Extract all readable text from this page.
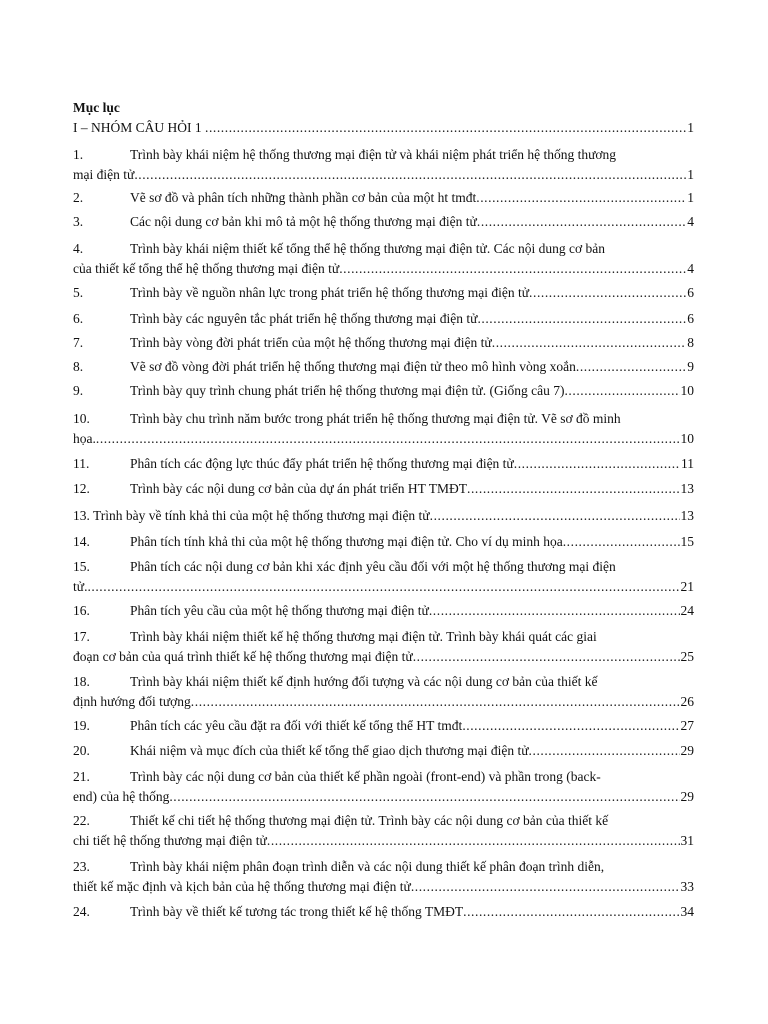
Mục lục
I – NHÓM CÂU HỎI 1	1
. . .
1.	Trình bày khái niệm hệ thống thương mại điện tử và khái niệm phát triển hệ thống thương
mại điện tử	1
. . .
2.	Vẽ sơ đồ và phân tích những thành phần cơ bản của một ht tmđt	1
. . .
3.	Các nội dung cơ bản khi mô tả một hệ thống thương mại điện tử	4
. . .
4.	Trình bày khái niệm thiết kế tổng thể hệ thống thương mại điện tử. Các nội dung cơ bản
của thiết kế tổng thể hệ thống thương mại điện tử	4
. . .
5.	Trình bày về nguồn nhân lực trong phát triển hệ thống thương mại điện tử	6
. . .
6.	Trình bày các nguyên tắc phát triển hệ thống thương mại điện tử	6
. . .
7.	Trình bày vòng đời phát triển của một hệ thống thương mại điện tử	8
. . .
8.	Vẽ sơ đồ vòng đời phát triển hệ thống thương mại điện tử theo mô hình vòng xoắn	9
. . .
9.	Trình bày quy trình chung phát triển hệ thống thương mại điện tử. (Giống câu 7)	10
. . .
10.	Trình bày chu trình năm bước trong phát triển hệ thống thương mại điện tử. Vẽ sơ đồ minh
họa.	10
. . .
11.	Phân tích các động lực thúc đẩy phát triển hệ thống thương mại điện tử	11
. . .
12.	Trình bày các nội dung cơ bản của dự án phát triển HT TMĐT	13
. . .
13. Trình bày về tính khả thi của một hệ thống thương mại điện tử	13
. . .
14.	Phân tích tính khả thi của một hệ thống thương mại điện tử. Cho ví dụ minh họa	15
. . .
15.	Phân tích các nội dung cơ bản khi xác định yêu cầu đối với một hệ thống thương mại điện
tử.	21
. . .
16.	Phân tích yêu cầu của một hệ thống thương mại điện tử	24
. . .
17.	Trình bày khái niệm thiết kế hệ thống thương mại điện tử. Trình bày khái quát các giai
đoạn cơ bản của quá trình thiết kế hệ thống thương mại điện tử	25
. . .
18.	Trình bày khái niệm thiết kế định hướng đối tượng và các nội dung cơ bản của thiết kế
định hướng đối tượng	26
. . .
19.	Phân tích các yêu cầu đặt ra đối với thiết kế tổng thể HT tmđt	27
. . .
20.	Khái niệm và mục đích của thiết kế tổng thể giao dịch thương mại điện tử	29
. . .
21.	Trình bày các nội dung cơ bản của thiết kế phần ngoài (front-end) và phần trong (back-
end) của hệ thống	29
. . .
22.	Thiết kế chi tiết hệ thống thương mại điện tử. Trình bày các nội dung cơ bản của thiết kế
chi tiết hệ thống thương mại điện tử	31
. . .
23.	Trình bày khái niệm phân đoạn trình diễn và các nội dung thiết kế phân đoạn trình diễn,
thiết kế mặc định và kịch bản của hệ thống thương mại điện tử	33
. . .
24.	Trình bày về thiết kế tương tác trong thiết kế hệ thống TMĐT	34
. . .
